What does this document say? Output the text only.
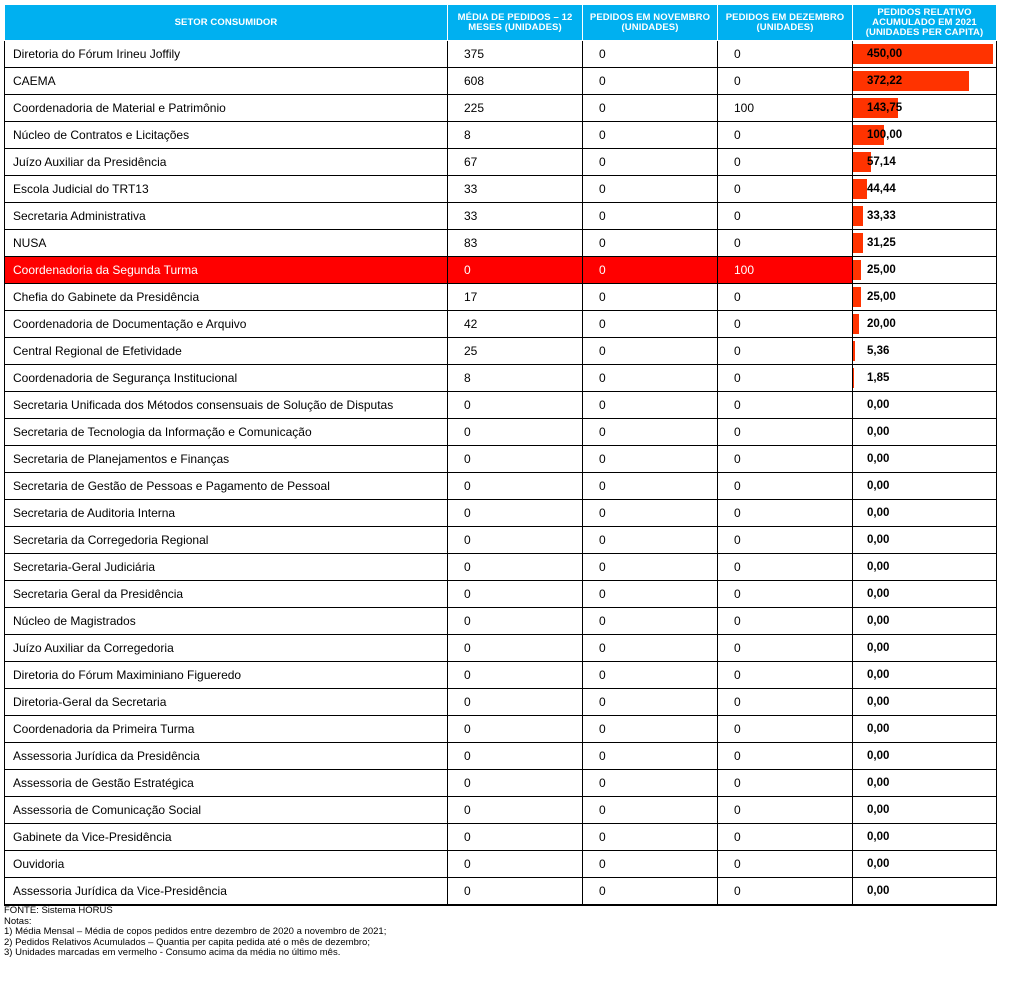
SETOR CONSUMIDOR	MÉDIA DE PEDIDOS – 12 MESES (UNIDADES)	PEDIDOS EM NOVEMBRO (UNIDADES)	PEDIDOS EM DEZEMBRO (UNIDADES)	PEDIDOS RELATIVO ACUMULADO EM 2021 (UNIDADES PER CAPITA)
Diretoria do Fórum Irineu Joffily	375	0	0	450,00
CAEMA	608	0	0	372,22
Coordenadoria de Material e Patrimônio	225	0	100	143,75
Núcleo de Contratos e Licitações	8	0	0	100,00
Juízo Auxiliar da Presidência	67	0	0	57,14
Escola Judicial do TRT13	33	0	0	44,44
Secretaria Administrativa	33	0	0	33,33
NUSA	83	0	0	31,25
Coordenadoria da Segunda Turma	0	0	100	25,00
Chefia do Gabinete da Presidência	17	0	0	25,00
Coordenadoria de Documentação e Arquivo	42	0	0	20,00
Central Regional de Efetividade	25	0	0	5,36
Coordenadoria de Segurança Institucional	8	0	0	1,85
Secretaria Unificada dos Métodos consensuais de Solução de Disputas	0	0	0	0,00
Secretaria de Tecnologia da Informação e Comunicação	0	0	0	0,00
Secretaria de Planejamentos e Finanças	0	0	0	0,00
Secretaria de Gestão de Pessoas e Pagamento de Pessoal	0	0	0	0,00
Secretaria de Auditoria Interna	0	0	0	0,00
Secretaria da Corregedoria Regional	0	0	0	0,00
Secretaria-Geral Judiciária	0	0	0	0,00
Secretaria Geral da Presidência	0	0	0	0,00
Núcleo de Magistrados	0	0	0	0,00
Juízo Auxiliar da Corregedoria	0	0	0	0,00
Diretoria do Fórum Maximiniano Figueredo	0	0	0	0,00
Diretoria-Geral da Secretaria	0	0	0	0,00
Coordenadoria da Primeira Turma	0	0	0	0,00
Assessoria Jurídica da Presidência	0	0	0	0,00
Assessoria de Gestão Estratégica	0	0	0	0,00
Assessoria de Comunicação Social	0	0	0	0,00
Gabinete da Vice-Presidência	0	0	0	0,00
Ouvidoria	0	0	0	0,00
Assessoria Jurídica da Vice-Presidência	0	0	0	0,00
FONTE: Sistema HORUS
Notas:
1) Média Mensal – Média de copos pedidos entre dezembro de 2020 a novembro de 2021;
2) Pedidos Relativos Acumulados – Quantia per capita pedida até o mês de dezembro;
3) Unidades marcadas em vermelho - Consumo acima da média no último mês.
